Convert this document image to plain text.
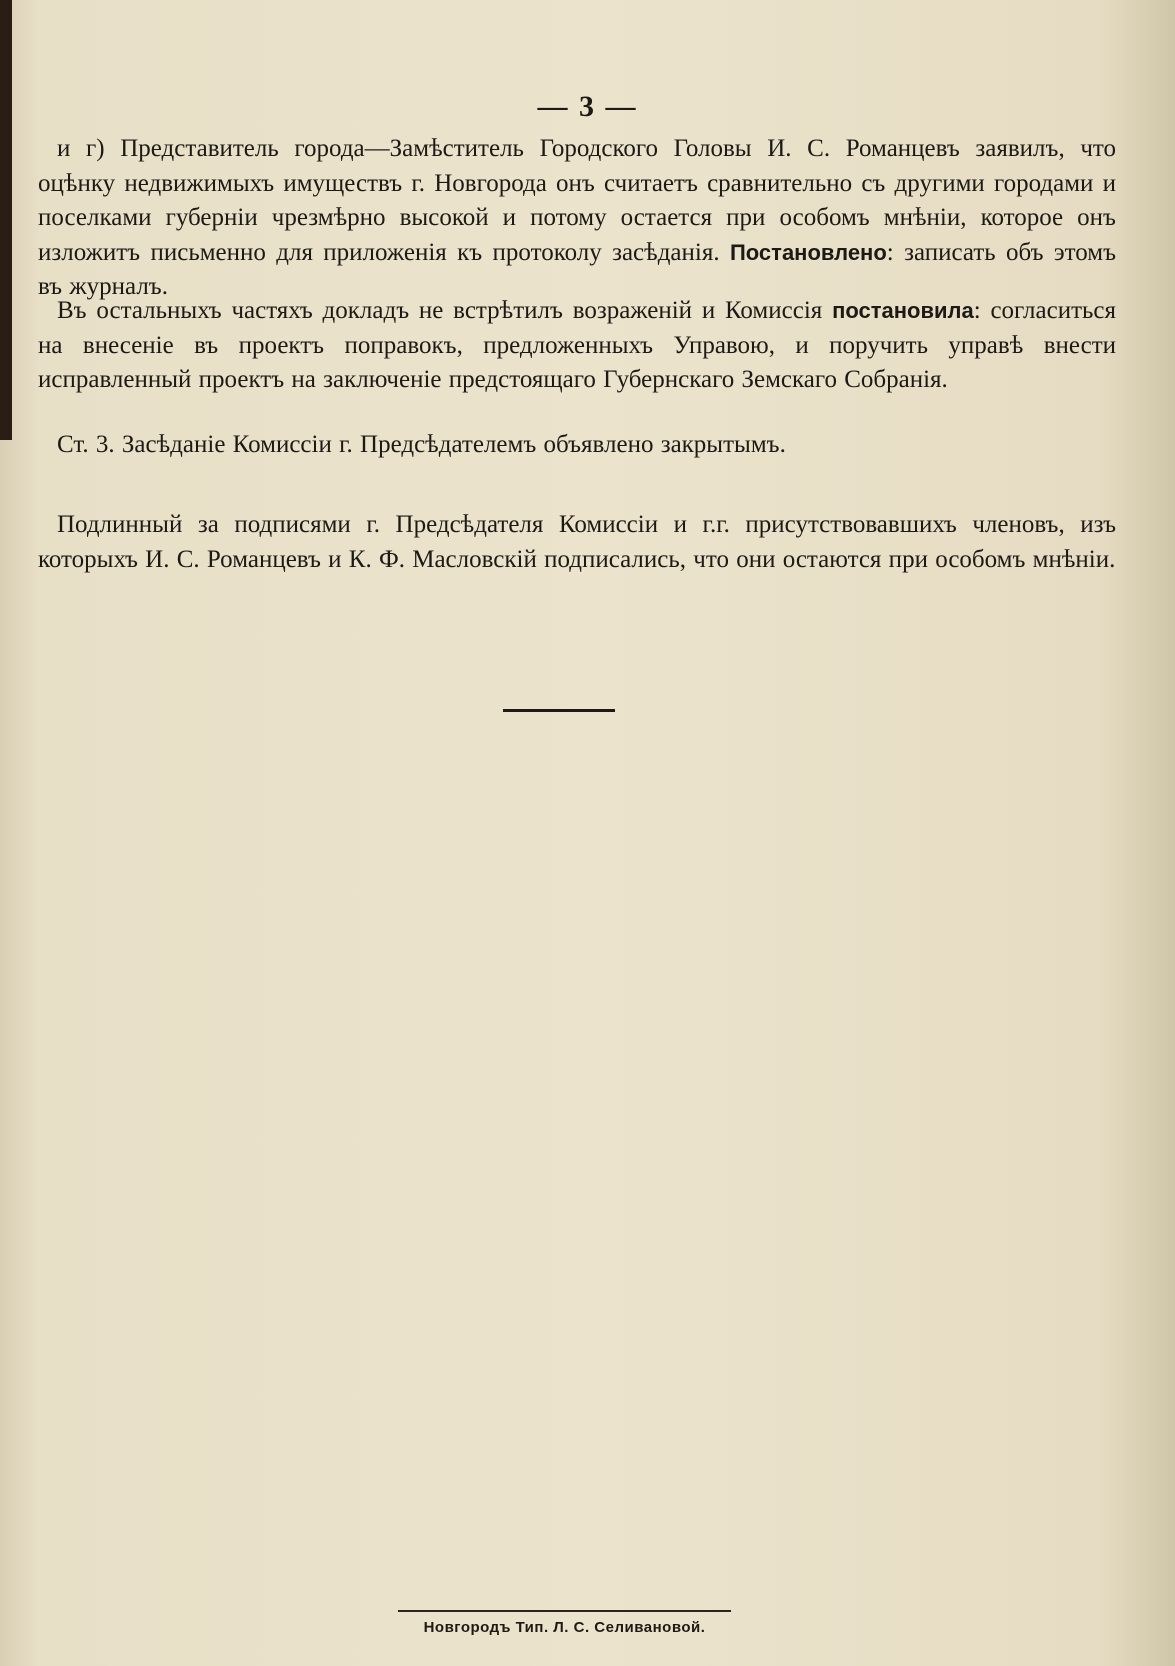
— 3 —
и г) Представитель города—Замѣститель Городского Головы И. С. Романцевъ заявилъ, что оцѣнку недвижимыхъ имуществъ г. Новгорода онъ считаетъ сравнительно съ другими городами и поселками губерніи чрезмѣрно высокой и потому остается при особомъ мнѣніи, которое онъ изложитъ письменно для приложенія къ протоколу засѣданія. Постановлено: записать объ этомъ въ журналъ.
Въ остальныхъ частяхъ докладъ не встрѣтилъ возраженій и Комиссія постановила: согласиться на внесеніе въ проектъ поправокъ, предложенныхъ Управою, и поручить управѣ внести исправленный проектъ на заключеніе предстоящаго Губернскаго Земскаго Собранія.
Ст. 3. Засѣданіе Комиссіи г. Предсѣдателемъ объявлено закрытымъ.
Подлинный за подписями г. Предсѣдателя Комиссіи и г.г. присутствовавшихъ членовъ, изъ которыхъ И. С. Романцевъ и К. Ф. Масловскій подписались, что они остаются при особомъ мнѣніи.
Новгородъ Тип. Л. С. Селивановой.
